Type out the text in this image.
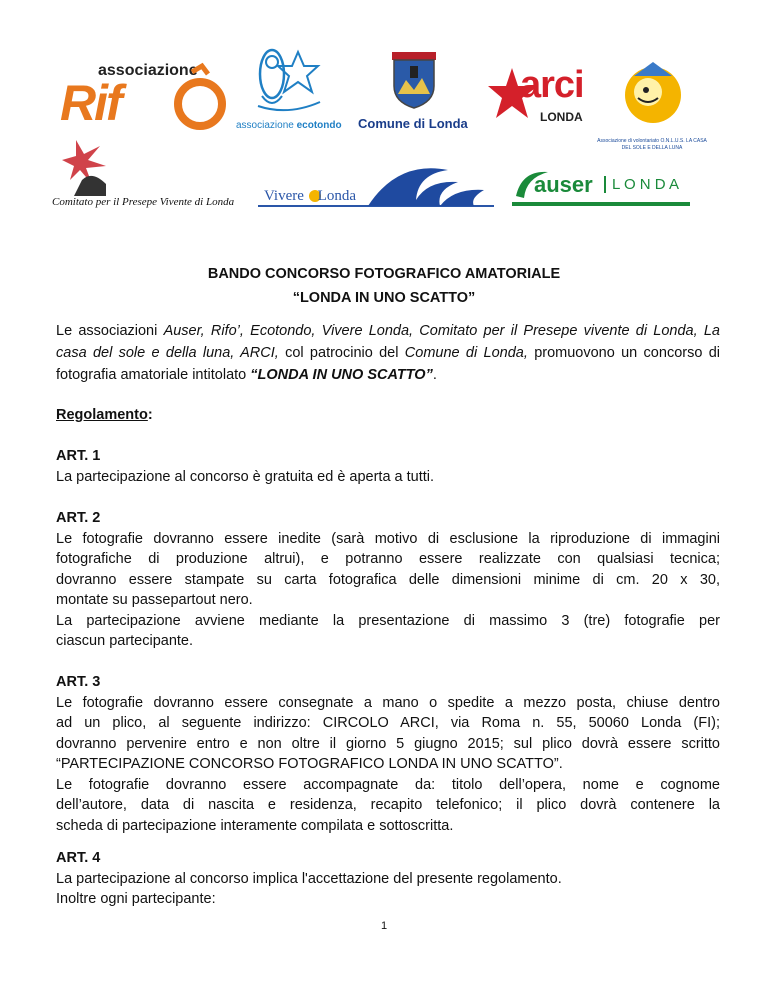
associazione
Rif	associazione ecotondo Comune di Londa
arci
LONDA
Associazione di volontariato O.N.L.U.S. LA CASA DEL SOLE E DELLA LUNA
Comitato per il Presepe Vivente di Londa Vivere Londa	auser	L O N D A
BANDO CONCORSO FOTOGRAFICO AMATORIALE
“LONDA IN UNO SCATTO”
Le associazioni Auser, Rifo’, Ecotondo, Vivere Londa, Comitato per il Presepe vivente di Londa, La casa del sole e della luna, ARCI, col patrocinio del Comune di Londa, promuovono un concorso di fotografia amatoriale intitolato “LONDA IN UNO SCATTO”.
Regolamento:

ART. 1

La partecipazione al concorso è gratuita ed è aperta a tutti.

ART. 2

Le fotografie dovranno essere inedite (sarà motivo di esclusione la riproduzione di immagini

fotografiche di produzione altrui), e potranno essere realizzate con qualsiasi tecnica;

dovranno essere stampate su carta fotografica delle dimensioni minime di cm. 20 x 30,

montate su passepartout nero.

La partecipazione avviene mediante la presentazione di massimo 3 (tre) fotografie per

ciascun partecipante.

ART. 3

Le fotografie dovranno essere consegnate a mano o spedite a mezzo posta, chiuse dentro

ad un plico, al seguente indirizzo: CIRCOLO ARCI, via Roma n. 55, 50060 Londa (FI);

dovranno pervenire entro e non oltre il giorno 5 giugno 2015; sul plico dovrà essere scritto

“PARTECIPAZIONE CONCORSO FOTOGRAFICO LONDA IN UNO SCATTO”.

Le fotografie dovranno essere accompagnate da: titolo dell’opera, nome e cognome

dell’autore, data di nascita e residenza, recapito telefonico; il plico dovrà contenere la

scheda di partecipazione interamente compilata e sottoscritta.

ART. 4

La partecipazione al concorso implica l'accettazione del presente regolamento.

Inoltre ogni partecipante:

1
